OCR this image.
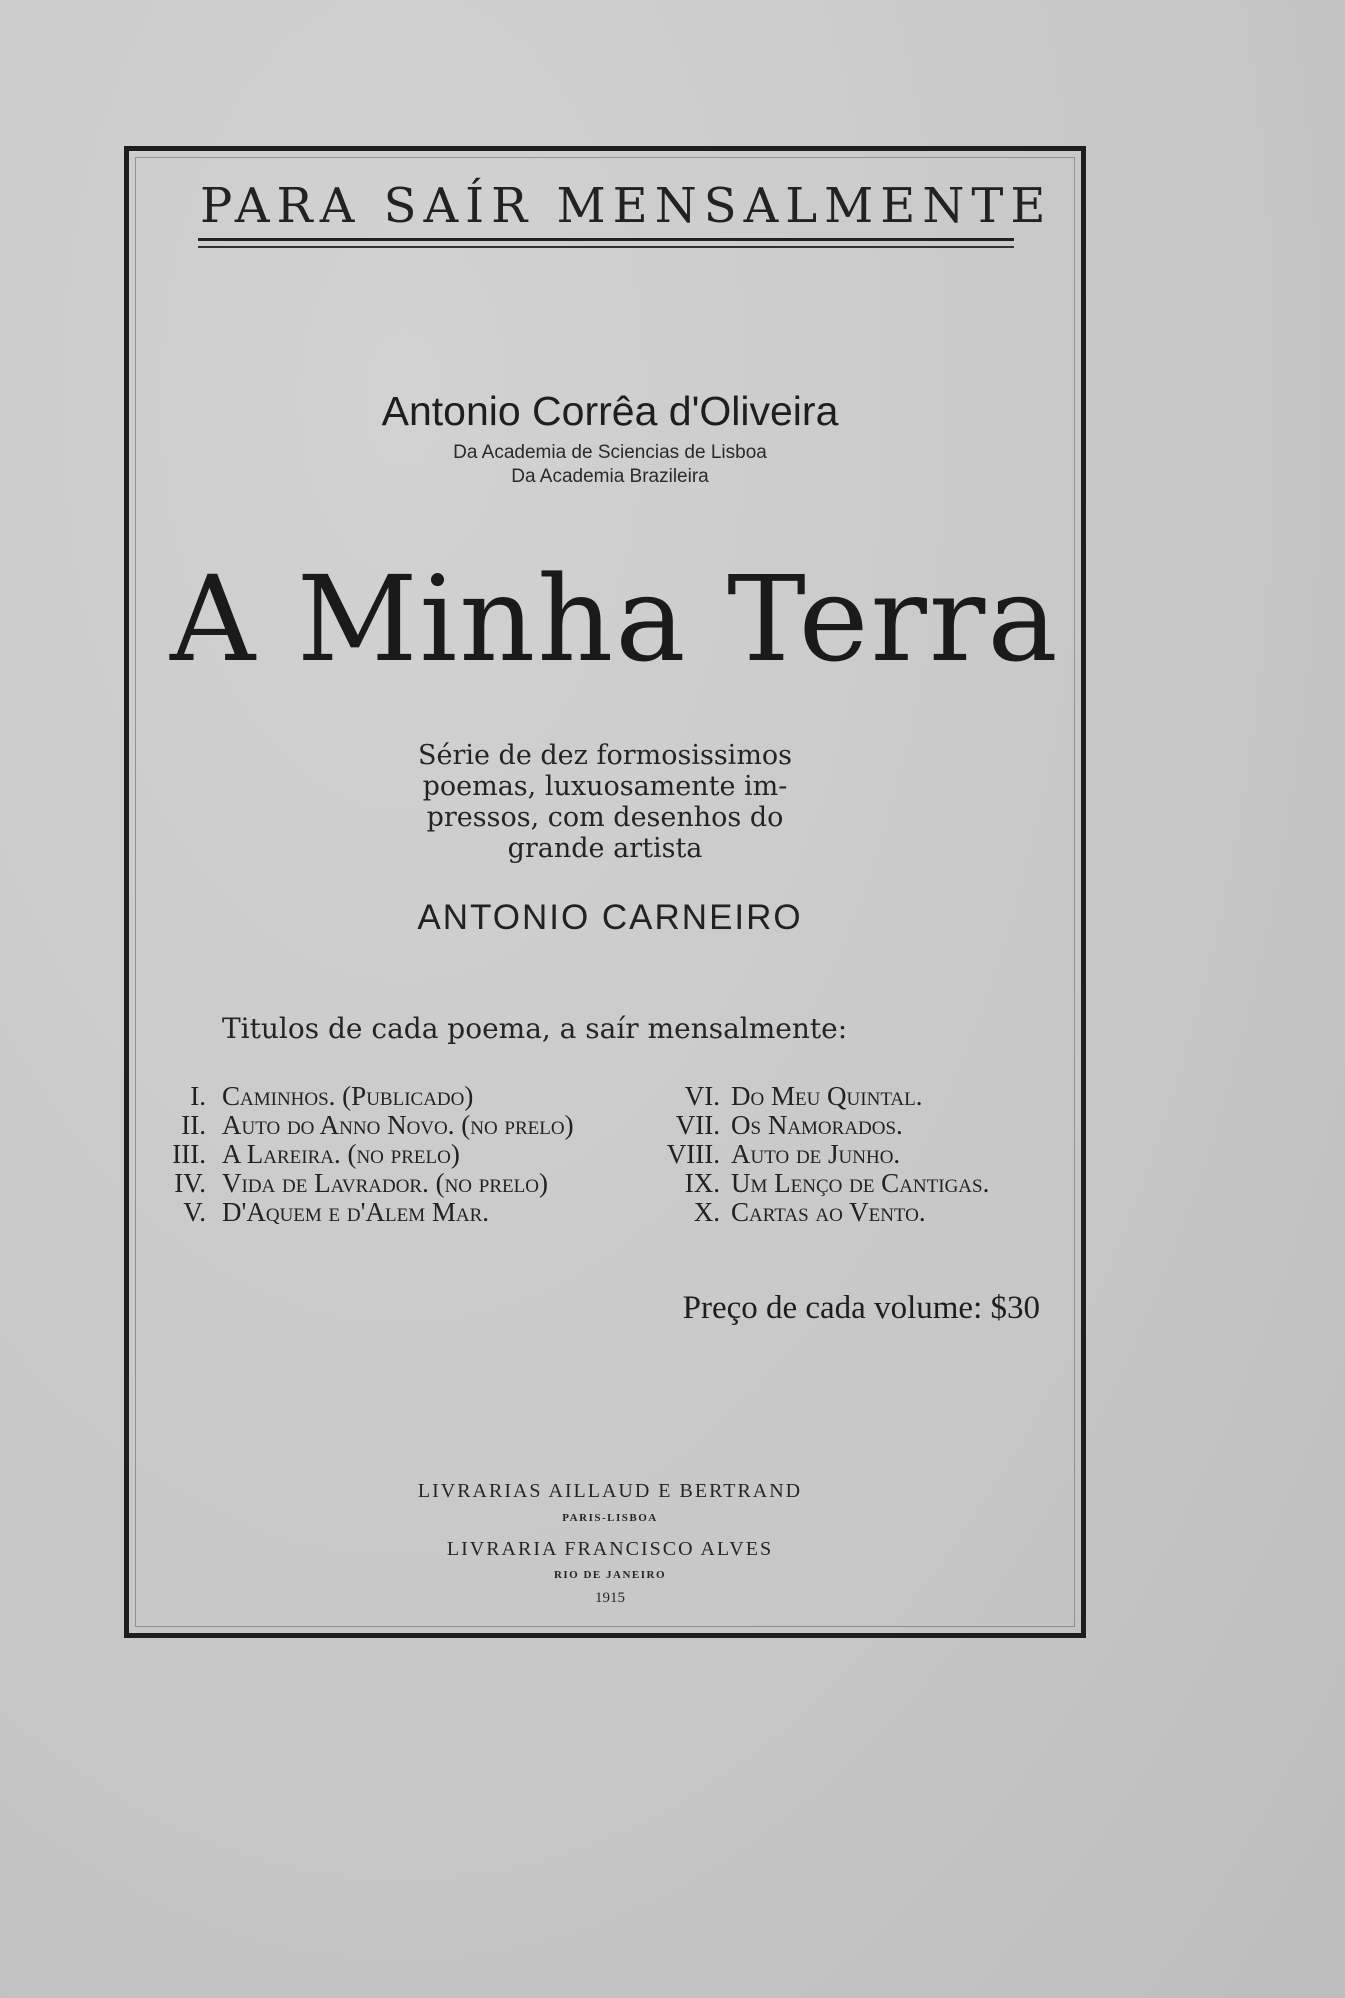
PARA SAÍR MENSALMENTE
Antonio Corrêa d'Oliveira
Da Academia de Sciencias de Lisboa
Da Academia Brazileira
A Minha Terra
Série de dez formosissimos
poemas, luxuosamente im-
pressos, com desenhos do
grande artista
ANTONIO CARNEIRO
Titulos de cada poema, a saír mensalmente:
I. Caminhos. (Publicado)
II. Auto do Anno Novo. (no prelo)
III. A Lareira. (no prelo)
IV. Vida de Lavrador. (no prelo)
V. D'Aquem e d'Alem Mar.
VI. Do Meu Quintal.
VII. Os Namorados.
VIII. Auto de Junho.
IX. Um Lenço de Cantigas.
X. Cartas ao Vento.
Preço de cada volume: $30
LIVRARIAS AILLAUD E BERTRAND
PARIS-LISBOA
LIVRARIA FRANCISCO ALVES
RIO DE JANEIRO
1915
